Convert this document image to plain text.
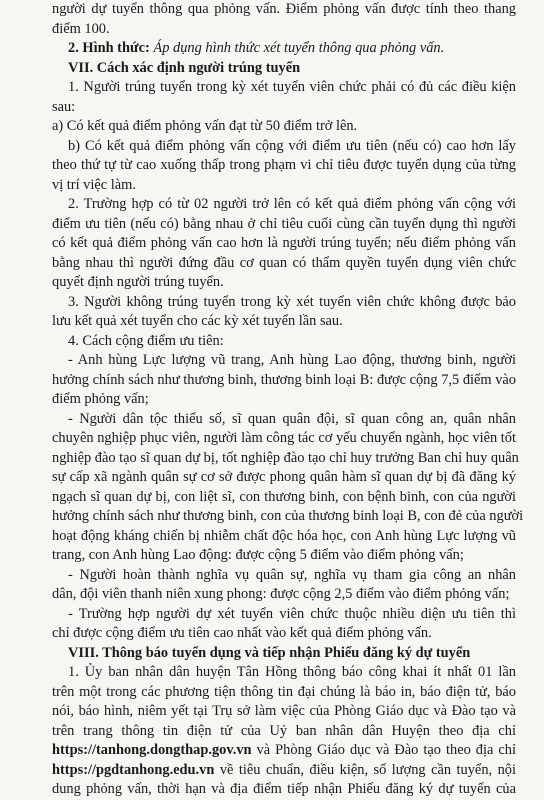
người dự tuyển thông qua phỏng vấn. Điểm phỏng vấn được tính theo thang
điểm 100.
2. Hình thức: Áp dụng hình thức xét tuyển thông qua phỏng vấn.
VII. Cách xác định người trúng tuyển
1. Người trúng tuyển trong kỳ xét tuyển viên chức phải có đủ các điều kiện
sau:
a) Có kết quả điểm phỏng vấn đạt từ 50 điểm trở lên.
b) Có kết quả điểm phỏng vấn cộng với điểm ưu tiên (nếu có) cao hơn lấy
theo thứ tự từ cao xuống thấp trong phạm vi chỉ tiêu được tuyển dụng của từng
vị trí việc làm.
2. Trường hợp có từ 02 người trở lên có kết quả điểm phỏng vấn cộng với
điểm ưu tiên (nếu có) bằng nhau ở chỉ tiêu cuối cùng cần tuyển dụng thì người
có kết quả điểm phỏng vấn cao hơn là người trúng tuyển; nếu điểm phỏng vấn
bằng nhau thì người đứng đầu cơ quan có thẩm quyền tuyển dụng viên chức
quyết định người trúng tuyển.
3. Người không trúng tuyển trong kỳ xét tuyển viên chức không được bảo
lưu kết quả xét tuyển cho các kỳ xét tuyển lần sau.
4. Cách cộng điểm ưu tiên:
- Anh hùng Lực lượng vũ trang, Anh hùng Lao động, thương binh, người
hưởng chính sách như thương binh, thương binh loại B: được cộng 7,5 điểm vào
điểm phỏng vấn;
- Người dân tộc thiểu số, sĩ quan quân đội, sĩ quan công an, quân nhân
chuyên nghiệp phục viên, người làm công tác cơ yếu chuyển ngành, học viên tốt
nghiệp đào tạo sĩ quan dự bị, tốt nghiệp đào tạo chỉ huy trưởng Ban chỉ huy quân
sự cấp xã ngành quân sự cơ sở được phong quân hàm sĩ quan dự bị đã đăng ký
ngạch sĩ quan dự bị, con liệt sĩ, con thương binh, con bệnh binh, con của người
hưởng chính sách như thương binh, con của thương binh loại B, con đẻ của người
hoạt động kháng chiến bị nhiễm chất độc hóa học, con Anh hùng Lực lượng vũ
trang, con Anh hùng Lao động: được cộng 5 điểm vào điểm phỏng vấn;
- Người hoàn thành nghĩa vụ quân sự, nghĩa vụ tham gia công an nhân
dân, đội viên thanh niên xung phong: được cộng 2,5 điểm vào điểm phỏng vấn;
- Trường hợp người dự xét tuyển viên chức thuộc nhiều diện ưu tiên thì
chỉ được cộng điểm ưu tiên cao nhất vào kết quả điểm phỏng vấn.
VIII. Thông báo tuyển dụng và tiếp nhận Phiếu đăng ký dự tuyển
1. Ủy ban nhân dân huyện Tân Hồng thông báo công khai ít nhất 01 lần
trên một trong các phương tiện thông tin đại chúng là báo in, báo điện tử, báo
nói, báo hình, niêm yết tại Trụ sở làm việc của Phòng Giáo dục và Đào tạo và
trên trang thông tin điện tử của Uỷ ban nhân dân Huyện theo địa chỉ
https://tanhong.dongthap.gov.vn và Phòng Giáo dục và Đào tạo theo địa chỉ
https://pgdtanhong.edu.vn về tiêu chuẩn, điều kiện, số lượng cần tuyển, nội
dung phỏng vấn, thời hạn và địa điểm tiếp nhận Phiếu đăng ký dự tuyển của
